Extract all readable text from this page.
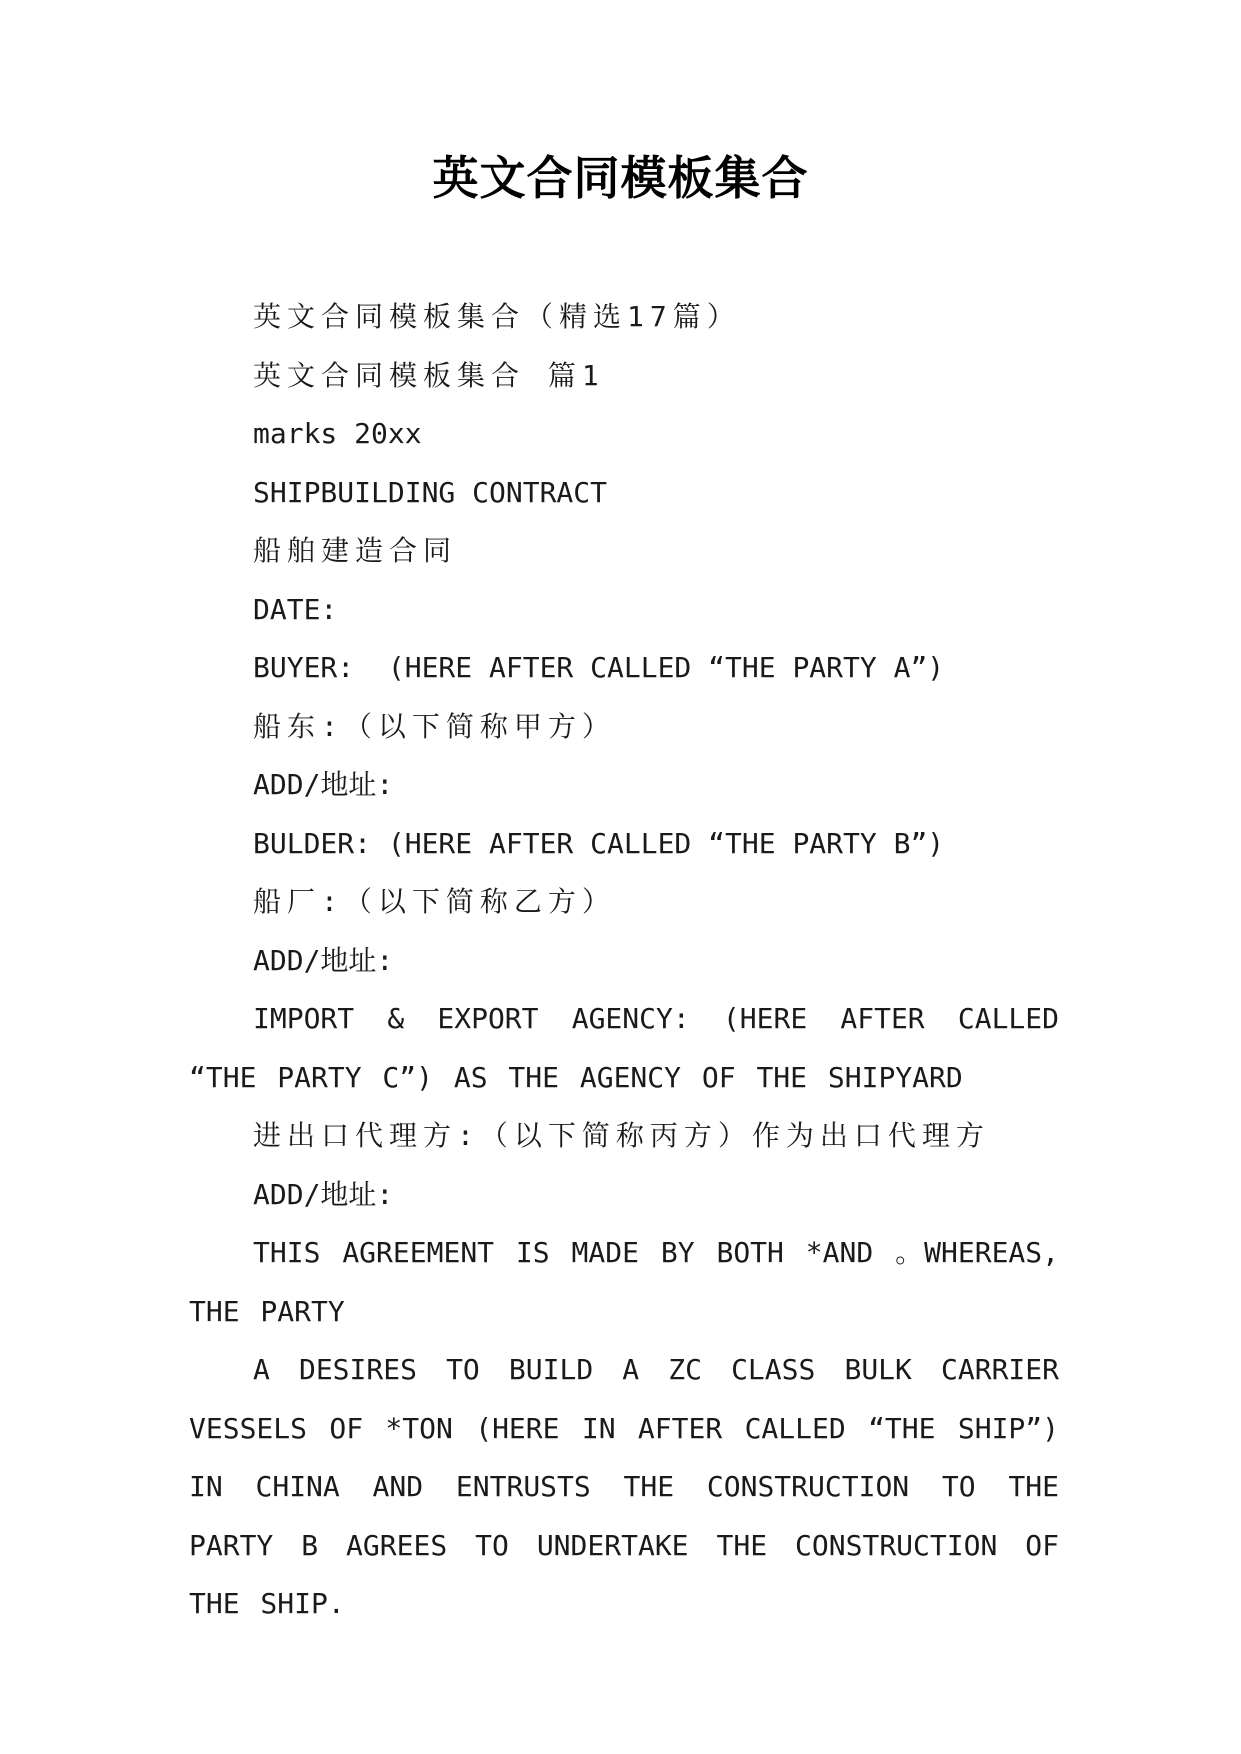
英文合同模板集合

英文合同模板集合（精选17篇）

英文合同模板集合 篇1

marks 20xx

SHIPBUILDING CONTRACT

船舶建造合同

DATE:

BUYER:  (HERE AFTER CALLED “THE PARTY A”)

船东:（以下简称甲方）

ADD/地址:

BULDER: (HERE AFTER CALLED “THE PARTY B”)

船厂:（以下简称乙方）

ADD/地址:

IMPORT & EXPORT AGENCY: (HERE AFTER CALLED “THE PARTY C”) AS THE AGENCY OF THE SHIPYARD

进出口代理方:（以下简称丙方）作为出口代理方

ADD/地址:

THIS AGREEMENT IS MADE BY BOTH *AND 。WHEREAS, THE PARTY

A DESIRES TO BUILD A ZC CLASS BULK CARRIER VESSELS OF *TON (HERE IN AFTER CALLED “THE SHIP”) IN CHINA AND ENTRUSTS THE CONSTRUCTION TO THE PARTY B AGREES TO UNDERTAKE THE CONSTRUCTION OF THE SHIP.
